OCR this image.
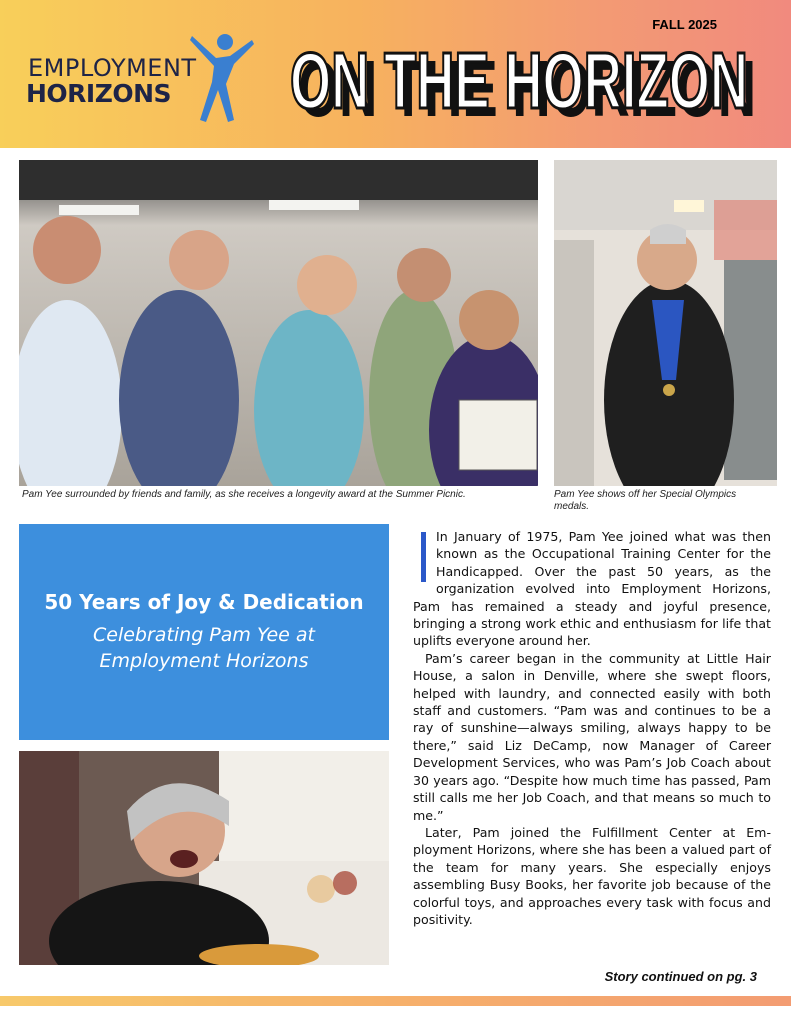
EMPLOYMENT
HORIZONS
FALL 2025
ON THE HORIZON
ON THE HORIZON
Pam Yee surrounded by friends and family, as she receives a longevity award at the Summer Picnic.	Pam Yee shows off her Special Olympics medals.
50 Years of Joy & Dedication
Celebrating Pam Yee at
Employment Horizons

In January of 1975, Pam Yee joined what was then known as the Occupational Training Center for the Handicapped. Over the past 50 years, as the organization evolved into Employment Horizons, Pam has remained a steady and joyful presence, bringing a strong work ethic and enthusiasm for life that uplifts everyone around her.

Pam’s career began in the community at Little Hair House, a salon in Denville, where she swept floors, helped with laundry, and connected easily with both staff and customers. “Pam was and continues to be a ray of sunshine—always smiling, always happy to be there,” said Liz DeCamp, now Manager of Career Development Services, who was Pam’s Job Coach about 30 years ago. “Despite how much time has passed, Pam still calls me her Job Coach, and that means so much to me.”

Later, Pam joined the Fulfillment Center at Employment Horizons, where she has been a valued part of the team for many years. She especially enjoys assembling Busy Books, her favorite job because of the colorful toys, and approaches every task with focus and positivity.

Story continued on pg. 3
